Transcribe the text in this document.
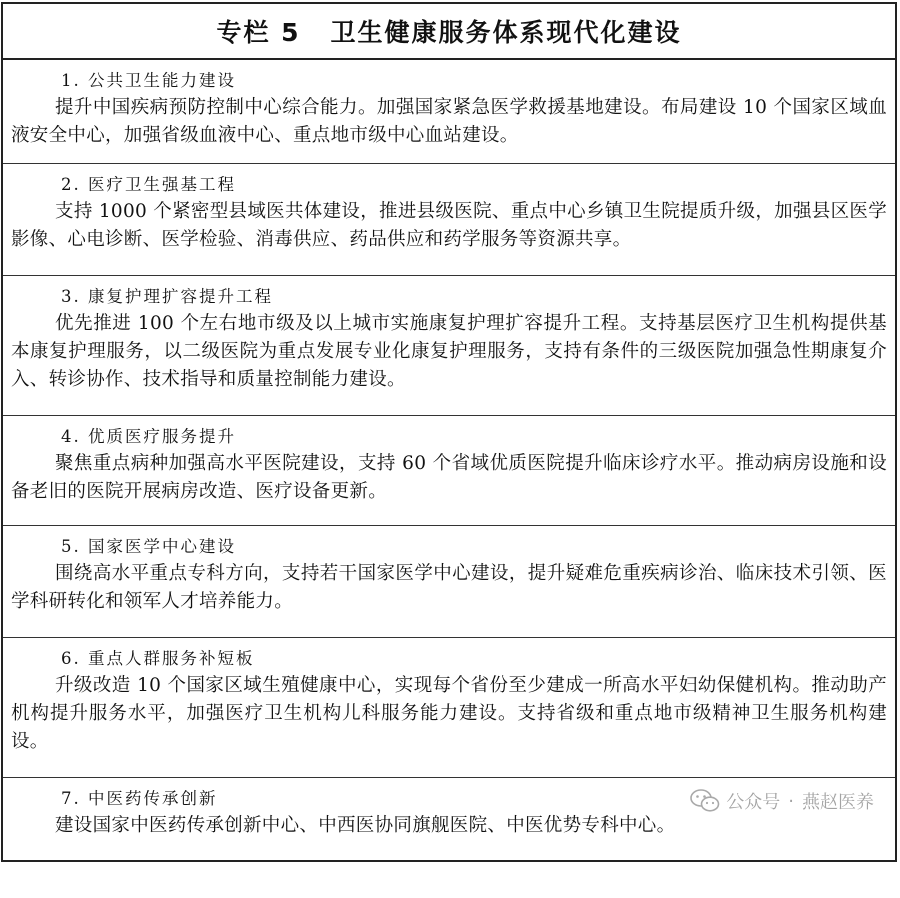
专栏 5 卫生健康服务体系现代化建设
1. 公共卫生能力建设
提升中国疾病预防控制中心综合能力。加强国家紧急医学救援基地建设。布局建设 10 个国家区域血液安全中心，加强省级血液中心、重点地市级中心血站建设。
2. 医疗卫生强基工程
支持 1000 个紧密型县域医共体建设，推进县级医院、重点中心乡镇卫生院提质升级，加强县区医学影像、心电诊断、医学检验、消毒供应、药品供应和药学服务等资源共享。
3. 康复护理扩容提升工程
优先推进 100 个左右地市级及以上城市实施康复护理扩容提升工程。支持基层医疗卫生机构提供基本康复护理服务，以二级医院为重点发展专业化康复护理服务，支持有条件的三级医院加强急性期康复介入、转诊协作、技术指导和质量控制能力建设。
4. 优质医疗服务提升
聚焦重点病种加强高水平医院建设，支持 60 个省域优质医院提升临床诊疗水平。推动病房设施和设备老旧的医院开展病房改造、医疗设备更新。
5. 国家医学中心建设
围绕高水平重点专科方向，支持若干国家医学中心建设，提升疑难危重疾病诊治、临床技术引领、医学科研转化和领军人才培养能力。
6. 重点人群服务补短板
升级改造 10 个国家区域生殖健康中心，实现每个省份至少建成一所高水平妇幼保健机构。推动助产机构提升服务水平，加强医疗卫生机构儿科服务能力建设。支持省级和重点地市级精神卫生服务机构建设。
7. 中医药传承创新
建设国家中医药传承创新中心、中西医协同旗舰医院、中医优势专科中心。
公众号 · 燕赵医养
